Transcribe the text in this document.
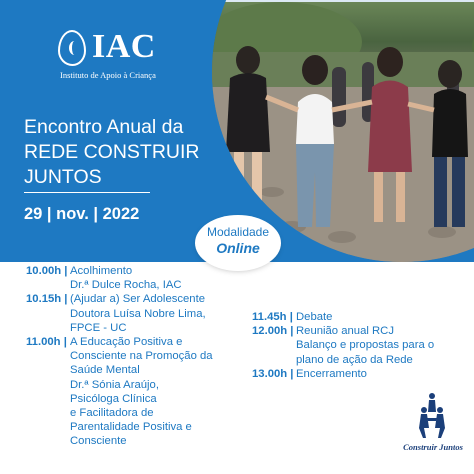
IAC
Instituto de Apoio à Criança
Encontro Anual da
REDE CONSTRUIR
JUNTOS
29 | nov. | 2022
Modalidade
Online
10.00h | Acolhimento
Dr.ª Dulce Rocha, IAC
10.15h | (Ajudar a) Ser Adolescente
Doutora Luísa Nobre Lima,
FPCE - UC
11.00h | A Educação Positiva e
Consciente na Promoção da
Saúde Mental
Dr.ª Sónia Araújo,
Psicóloga Clínica
e Facilitadora de
Parentalidade Positiva e
Consciente
11.45h | Debate
12.00h | Reunião anual RCJ
Balanço e propostas para o
plano de ação da Rede
13.00h | Encerramento
Construir Juntos
